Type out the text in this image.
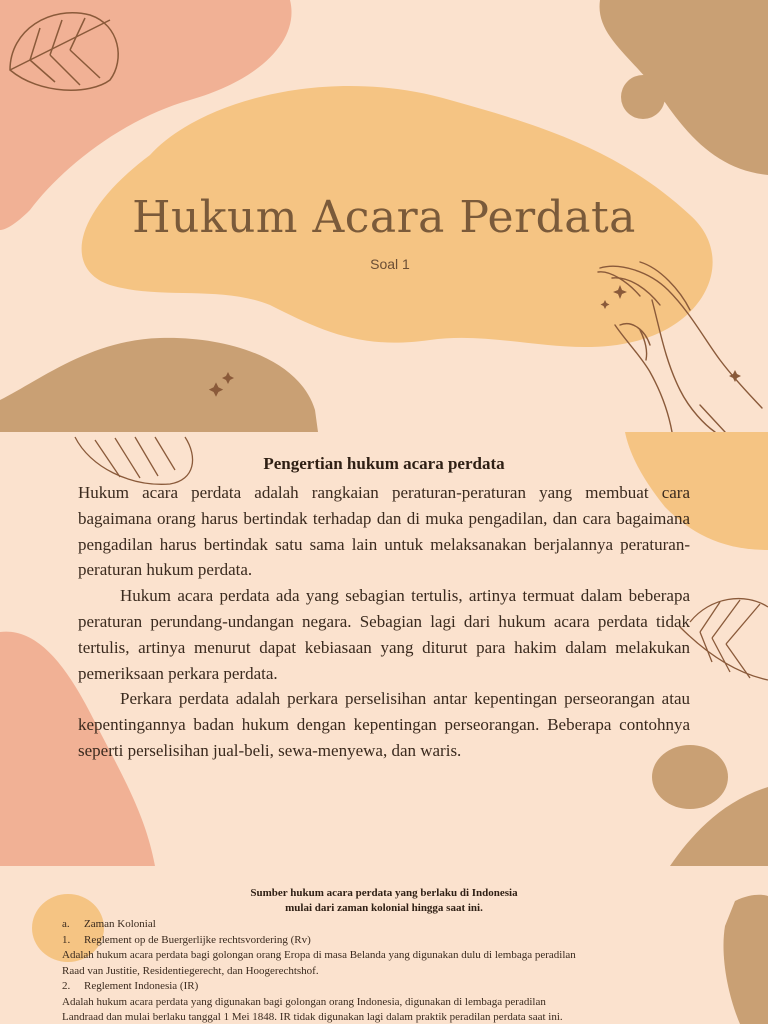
Hukum Acara Perdata
Soal 1
Pengertian hukum acara perdata

Hukum acara perdata adalah rangkaian peraturan-peraturan yang membuat cara bagaimana orang harus bertindak terhadap dan di muka pengadilan, dan cara bagaimana pengadilan harus bertindak satu sama lain untuk melaksanakan berjalannya peraturan-peraturan hukum perdata.

Hukum acara perdata ada yang sebagian tertulis, artinya termuat dalam beberapa peraturan perundang-undangan negara. Sebagian lagi dari hukum acara perdata tidak tertulis, artinya menurut dapat kebiasaan yang diturut para hakim dalam melakukan pemeriksaan perkara perdata.

Perkara perdata adalah perkara perselisihan antar kepentingan perseorangan atau kepentingannya badan hukum dengan kepentingan perseorangan. Beberapa contohnya seperti perselisihan jual-beli, sewa-menyewa, dan waris.

Sumber hukum acara perdata yang berlaku di Indonesia
mulai dari zaman kolonial hingga saat ini.
a. Zaman Kolonial
1. Reglement op de Buergerlijke rechtsvordering (Rv)
Adalah hukum acara perdata bagi golongan orang Eropa di masa Belanda yang digunakan dulu di lembaga peradilan
Raad van Justitie, Residentiegerecht, dan Hoogerechtshof.
2. Reglement Indonesia (IR)
Adalah hukum acara perdata yang digunakan bagi golongan orang Indonesia, digunakan di lembaga peradilan
Landraad dan mulai berlaku tanggal 1 Mei 1848. IR tidak digunakan lagi dalam praktik peradilan perdata saat ini.
